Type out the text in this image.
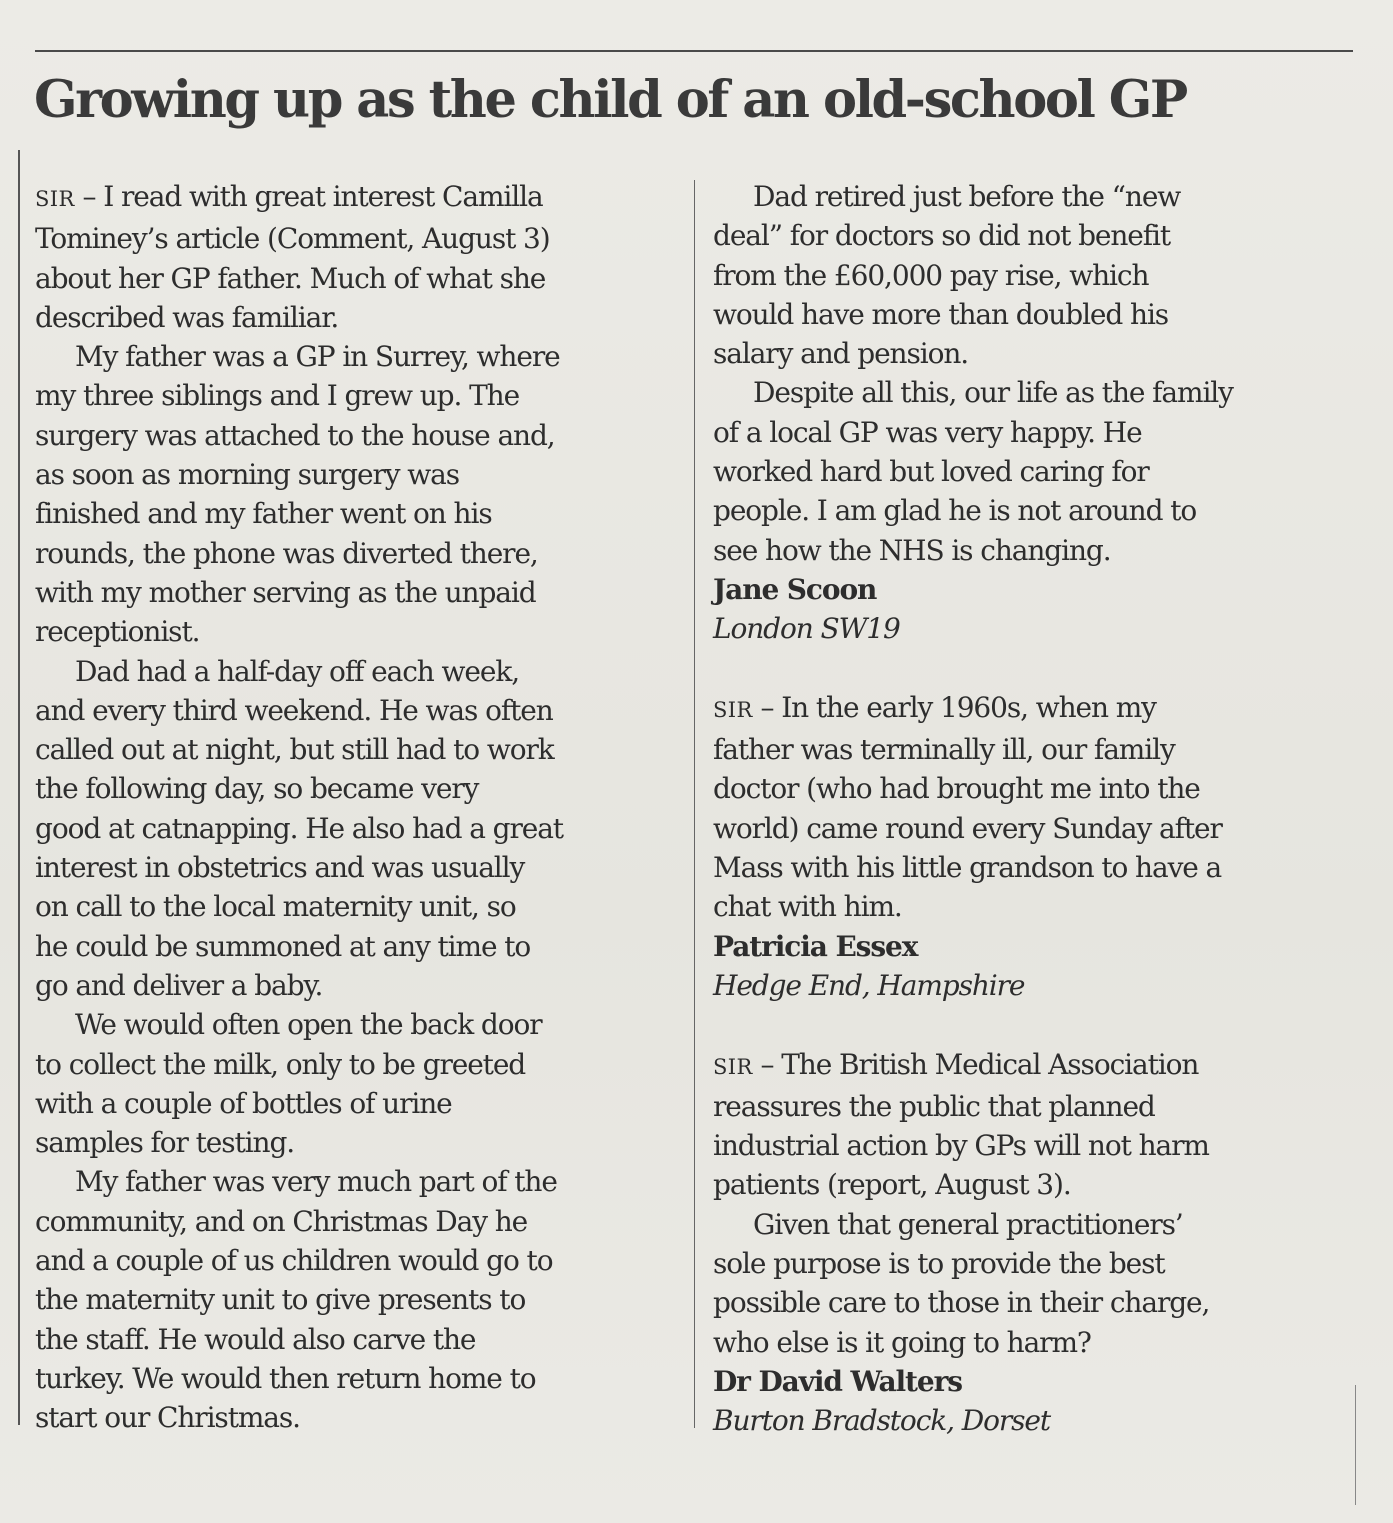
Growing up as the child of an old-school GP

SIR – I read with great interest Camilla
Tominey’s article (Comment, August 3)
about her GP father. Much of what she
described was familiar.

My father was a GP in Surrey, where
my three siblings and I grew up. The
surgery was attached to the house and,
as soon as morning surgery was
finished and my father went on his
rounds, the phone was diverted there,
with my mother serving as the unpaid
receptionist.

Dad had a half-day off each week,
and every third weekend. He was often
called out at night, but still had to work
the following day, so became very
good at catnapping. He also had a great
interest in obstetrics and was usually
on call to the local maternity unit, so
he could be summoned at any time to
go and deliver a baby.

We would often open the back door
to collect the milk, only to be greeted
with a couple of bottles of urine
samples for testing.

My father was very much part of the
community, and on Christmas Day he
and a couple of us children would go to
the maternity unit to give presents to
the staff. He would also carve the
turkey. We would then return home to
start our Christmas.

Dad retired just before the “new
deal” for doctors so did not benefit
from the £60,000 pay rise, which
would have more than doubled his
salary and pension.

Despite all this, our life as the family
of a local GP was very happy. He
worked hard but loved caring for
people. I am glad he is not around to
see how the NHS is changing.

Jane Scoon

London SW19

SIR – In the early 1960s, when my
father was terminally ill, our family
doctor (who had brought me into the
world) came round every Sunday after
Mass with his little grandson to have a
chat with him.

Patricia Essex

Hedge End, Hampshire

SIR – The British Medical Association
reassures the public that planned
industrial action by GPs will not harm
patients (report, August 3).

Given that general practitioners’
sole purpose is to provide the best
possible care to those in their charge,
who else is it going to harm?

Dr David Walters

Burton Bradstock, Dorset
